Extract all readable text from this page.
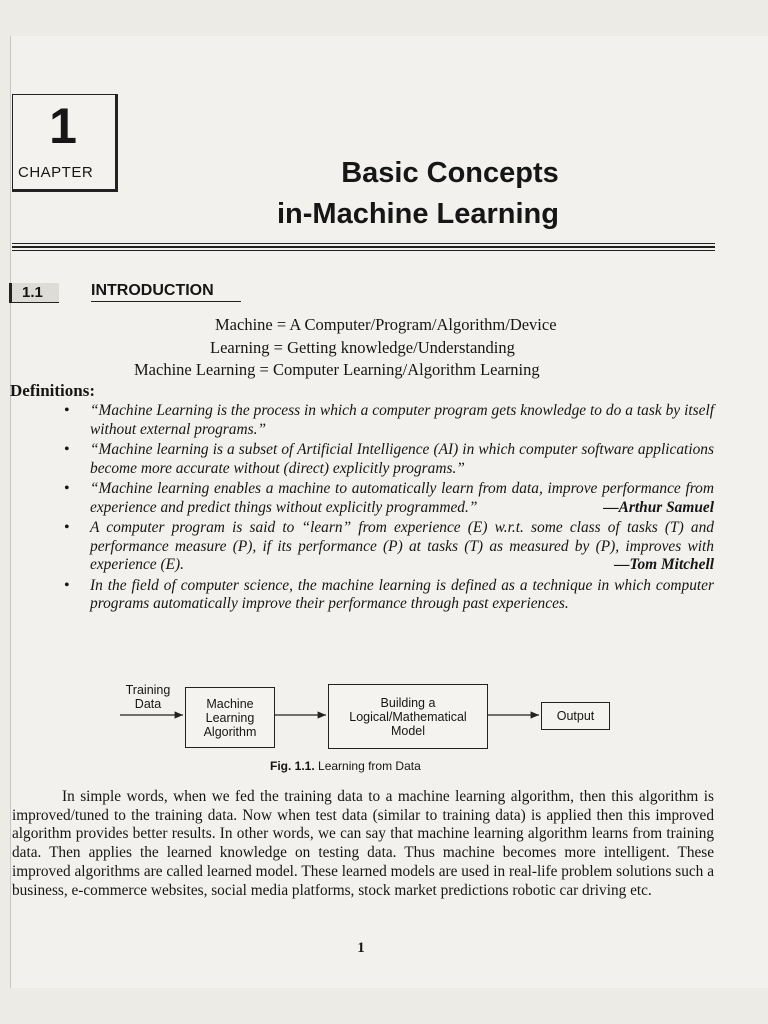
1
CHAPTER	Basic Concepts
in-Machine Learning
1.1	INTRODUCTION
Machine = A Computer/Program/Algorithm/Device
Learning = Getting knowledge/Understanding
Machine Learning = Computer Learning/Algorithm Learning
Definitions:
• “Machine Learning is the process in which a computer program gets knowledge to do a task by itself without external programs.”
• “Machine learning is a subset of Artificial Intelligence (AI) in which computer software applications become more accurate without (direct) explicitly programs.”
• “Machine learning enables a machine to automatically learn from data, improve performance from experience and predict things without explicitly programmed.”	—Arthur Samuel
• A computer program is said to “learn” from experience (E) w.r.t. some class of tasks (T) and performance measure (P), if its performance (P) at tasks (T) as measured by (P), improves with experience (E).	—Tom Mitchell
• In the field of computer science, the machine learning is defined as a technique in which computer programs automatically improve their performance through past experiences.
Training
Data	Machine
Learning
Algorithm
Building a
Logical/Mathematical
Model
Output
Fig. 1.1. Learning from Data

In simple words, when we fed the training data to a machine learning algorithm, then this algorithm is improved/tuned to the training data. Now when test data (similar to training data) is applied then this improved algorithm provides better results. In other words, we can say that machine learning algorithm learns from training data. Then applies the learned knowledge on testing data. Thus machine becomes more intelligent. These improved algorithms are called learned model. These learned models are used in real-life problem solutions such a business, e-commerce websites, social media platforms, stock market predictions robotic car driving etc.

1
